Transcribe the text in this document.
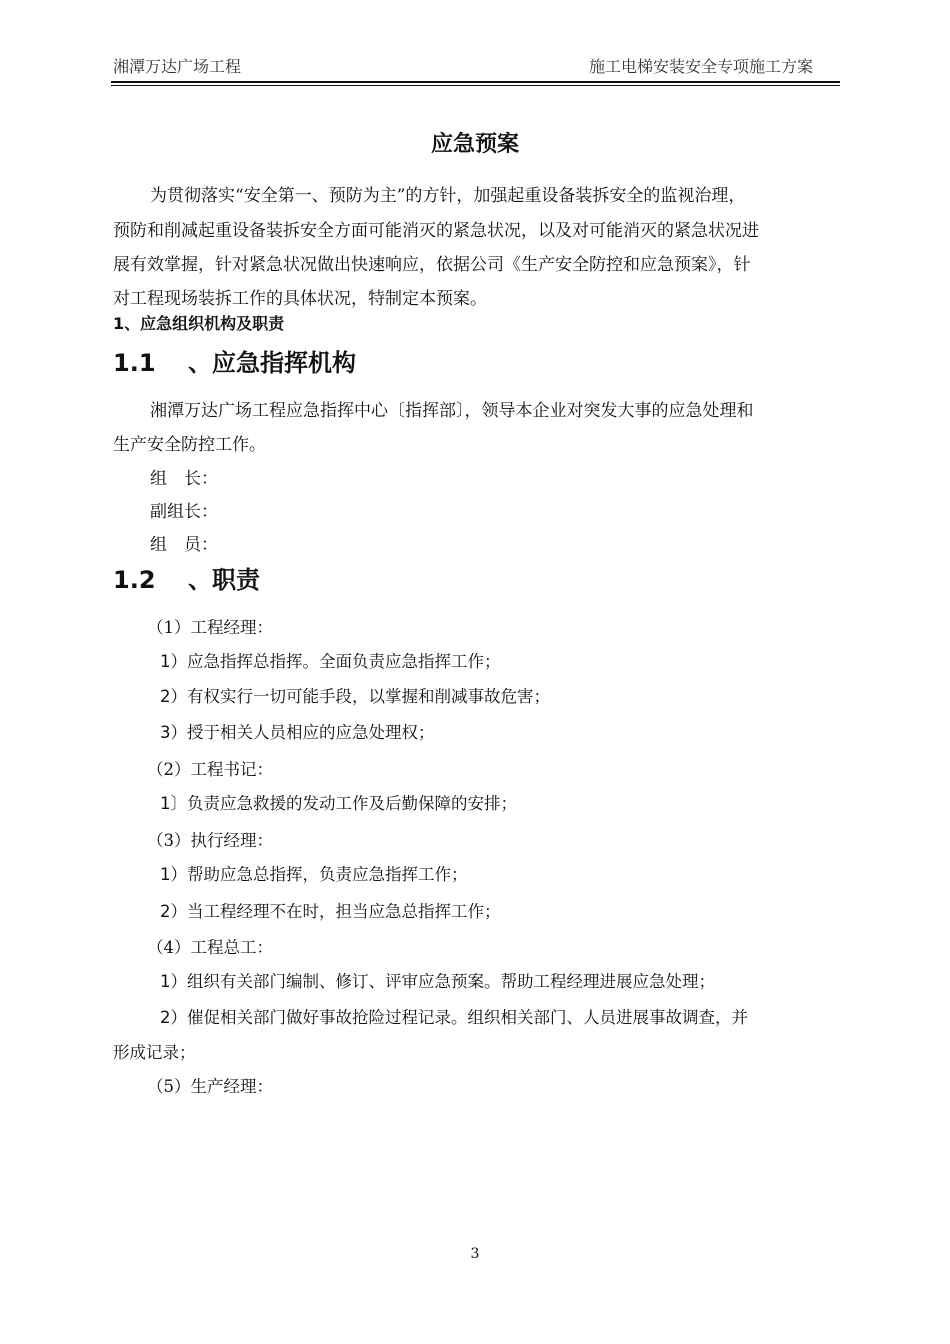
湘潭万达广场工程	施工电梯安装安全专项施工方案
应急预案
为贯彻落实“安全第一、预防为主”的方针，加强起重设备装拆安全的监视治理，
预防和削减起重设备装拆安全方面可能消灭的紧急状况，以及对可能消灭的紧急状况进
展有效掌握，针对紧急状况做出快速响应，依据公司《生产安全防控和应急预案》，针
对工程现场装拆工作的具体状况，特制定本预案。
1、应急组织机构及职责
1.1 、应急指挥机构
湘潭万达广场工程应急指挥中心〔指挥部〕，领导本企业对突发大事的应急处理和
生产安全防控工作。
组　长：
副组长：
组　员：
1.2 、职责
（1）工程经理：
1）应急指挥总指挥。全面负责应急指挥工作；
2）有权实行一切可能手段，以掌握和削减事故危害；
3）授于相关人员相应的应急处理权；
（2）工程书记：
1〕负责应急救援的发动工作及后勤保障的安排；
（3）执行经理：
1）帮助应急总指挥，负责应急指挥工作；
2）当工程经理不在时，担当应急总指挥工作；
（4）工程总工：
1）组织有关部门编制、修订、评审应急预案。帮助工程经理进展应急处理；
2）催促相关部门做好事故抢险过程记录。组织相关部门、人员进展事故调查，并
形成记录；
（5）生产经理：
3
